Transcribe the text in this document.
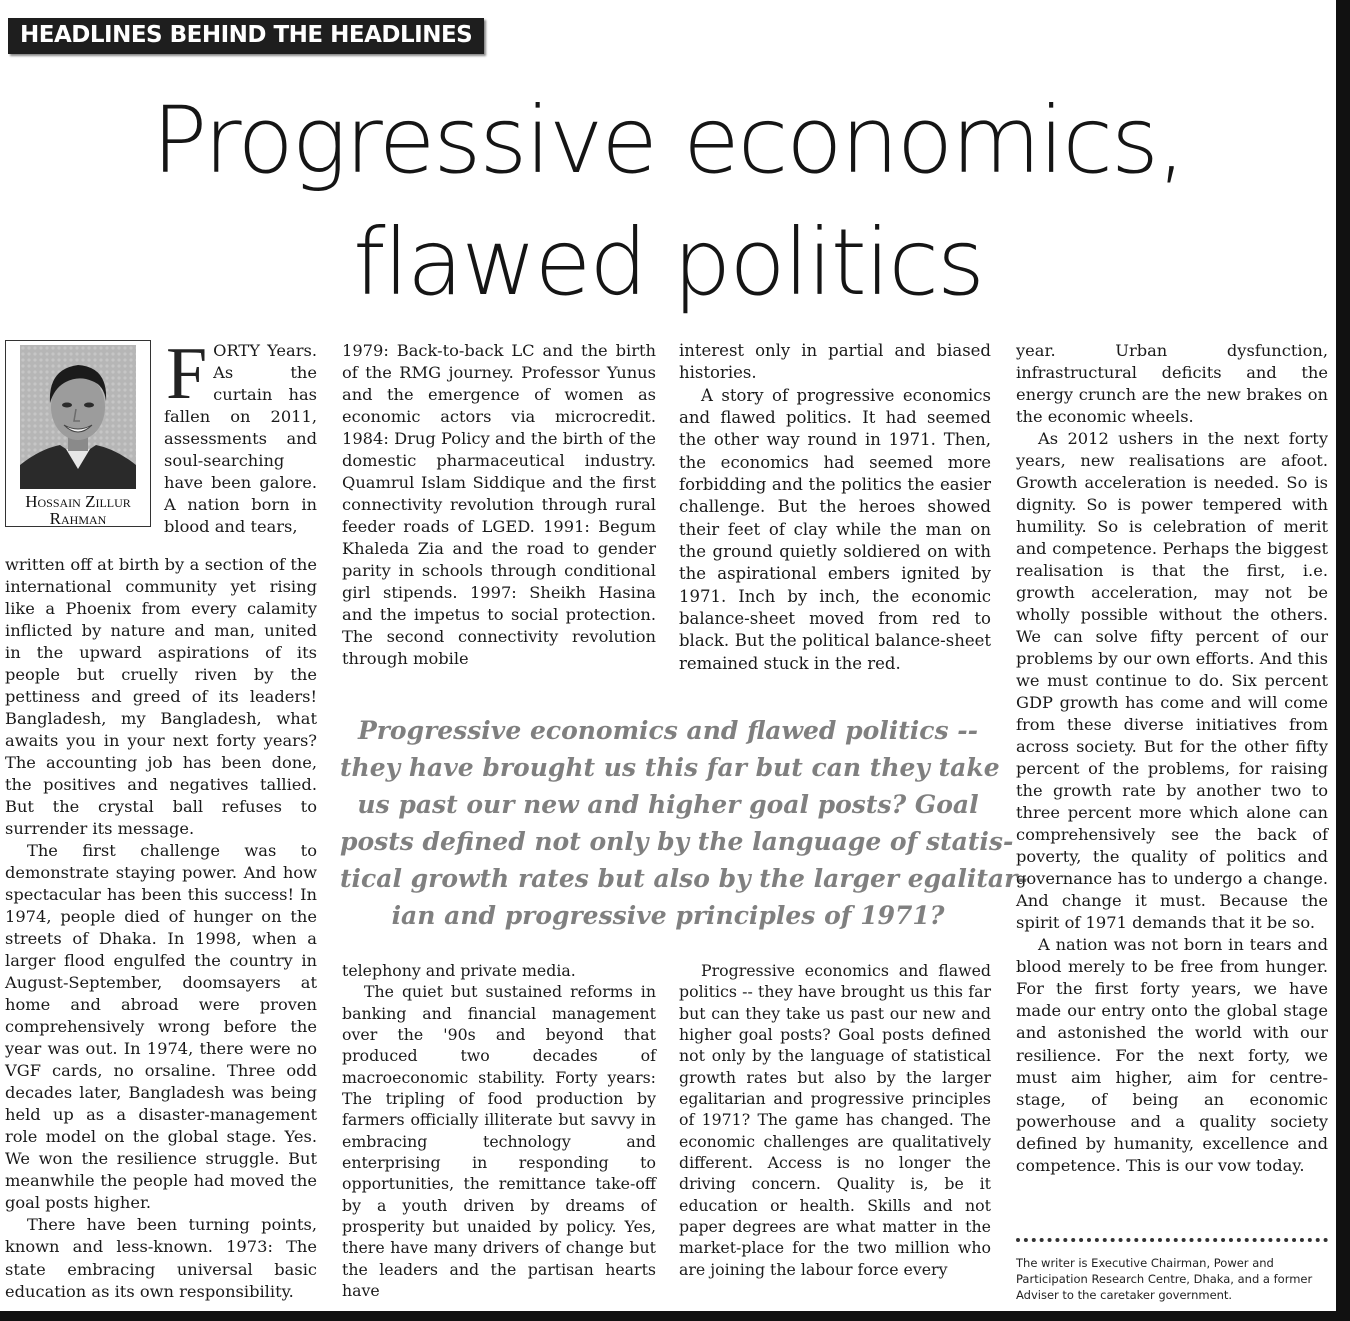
HEADLINES BEHIND THE HEADLINES
Progressive economics,
flawed politics
Hossain Zillur
Rahman

FORTY Years. As the curtain has fallen on 2011, assessments and soul-searching have been galore. A nation born in blood and tears,

written off at birth by a section of the international community yet rising like a Phoenix from every calamity inflicted by nature and man, united in the upward aspirations of its people but cruelly riven by the pettiness and greed of its leaders! Bangladesh, my Bangladesh, what awaits you in your next forty years? The accounting job has been done, the positives and negatives tallied. But the crystal ball refuses to surrender its message.

The first challenge was to demonstrate staying power. And how spectacular has been this success! In 1974, people died of hunger on the streets of Dhaka. In 1998, when a larger flood engulfed the country in August-September, doomsayers at home and abroad were proven comprehensively wrong before the year was out. In 1974, there were no VGF cards, no orsaline. Three odd decades later, Bangladesh was being held up as a disaster-management role model on the global stage. Yes. We won the resilience struggle. But meanwhile the people had moved the goal posts higher.

There have been turning points, known and less-known. 1973: The state embracing universal basic education as its own responsibility.

1979: Back-to-back LC and the birth of the RMG journey. Professor Yunus and the emergence of women as economic actors via microcredit. 1984: Drug Policy and the birth of the domestic pharmaceutical industry. Quamrul Islam Siddique and the first connectivity revolution through rural feeder roads of LGED. 1991: Begum Khaleda Zia and the road to gender parity in schools through conditional girl stipends. 1997: Sheikh Hasina and the impetus to social protection. The second connectivity revolution through mobile

interest only in partial and biased histories.

A story of progressive economics and flawed politics. It had seemed the other way round in 1971. Then, the economics had seemed more forbidding and the politics the easier challenge. But the heroes showed their feet of clay while the man on the ground quietly soldiered on with the aspirational embers ignited by 1971. Inch by inch, the economic balance-sheet moved from red to black. But the political balance-sheet remained stuck in the red.

Progressive economics and flawed politics --
they have brought us this far but can they take
us past our new and higher goal posts? Goal
posts defined not only by the language of statis-
tical growth rates but also by the larger egalitar-
ian and progressive principles of 1971?

telephony and private media.

The quiet but sustained reforms in banking and financial management over the '90s and beyond that produced two decades of macroeconomic stability. Forty years: The tripling of food production by farmers officially illiterate but savvy in embracing technology and enterprising in responding to opportunities, the remittance take-off by a youth driven by dreams of prosperity but unaided by policy. Yes, there have many drivers of change but the leaders and the partisan hearts have

Progressive economics and flawed politics -- they have brought us this far but can they take us past our new and higher goal posts? Goal posts defined not only by the language of statistical growth rates but also by the larger egalitarian and progressive principles of 1971? The game has changed. The economic challenges are qualitatively different. Access is no longer the driving concern. Quality is, be it education or health. Skills and not paper degrees are what matter in the market-place for the two million who are joining the labour force every

year. Urban dysfunction, infrastructural deficits and the energy crunch are the new brakes on the economic wheels.

As 2012 ushers in the next forty years, new realisations are afoot. Growth acceleration is needed. So is dignity. So is power tempered with humility. So is celebration of merit and competence. Perhaps the biggest realisation is that the first, i.e. growth acceleration, may not be wholly possible without the others. We can solve fifty percent of our problems by our own efforts. And this we must continue to do. Six percent GDP growth has come and will come from these diverse initiatives from across society. But for the other fifty percent of the problems, for raising the growth rate by another two to three percent more which alone can comprehensively see the back of poverty, the quality of politics and governance has to undergo a change. And change it must. Because the spirit of 1971 demands that it be so.

A nation was not born in tears and blood merely to be free from hunger. For the first forty years, we have made our entry onto the global stage and astonished the world with our resilience. For the next forty, we must aim higher, aim for centre-stage, of being an economic powerhouse and a quality society defined by humanity, excellence and competence. This is our vow today.

The writer is Executive Chairman, Power and Participation Research Centre, Dhaka, and a former Adviser to the caretaker government.
